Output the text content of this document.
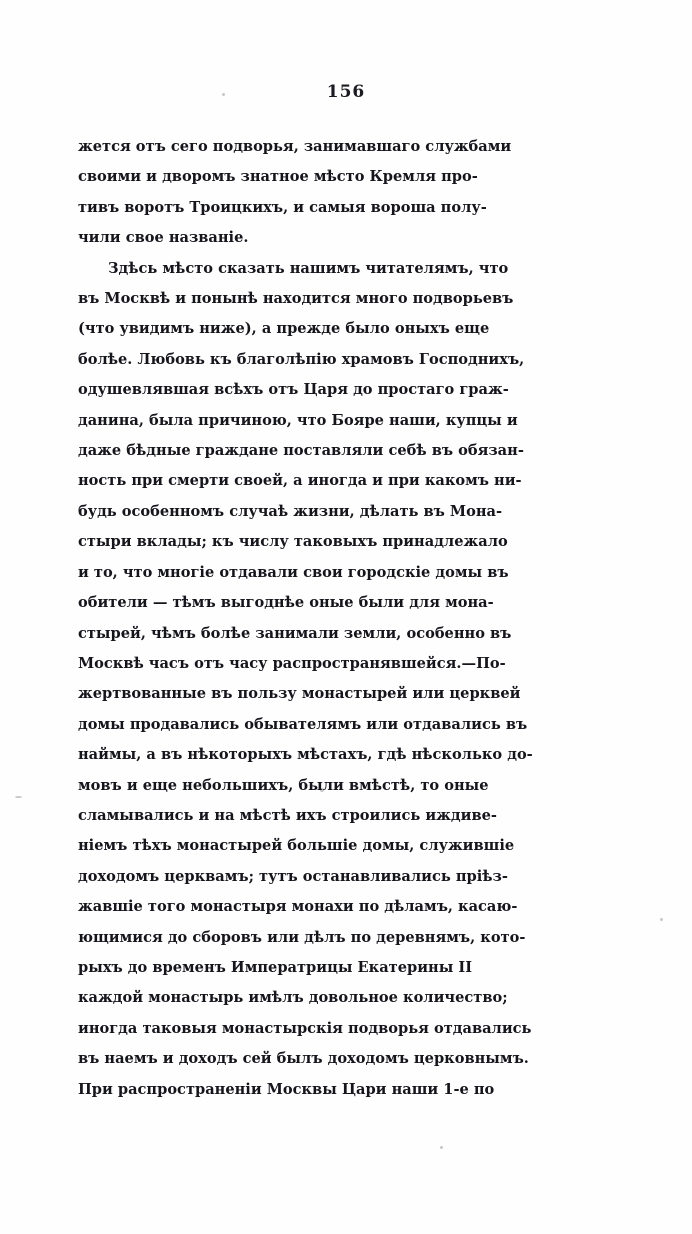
156

жется отъ сего подворья, занимавшаго службами
своими и дворомъ знатное мѣсто Кремля про-
тивъ воротъ Троицкихъ, и самыя вороша полу-
чили свое названіе.

Здѣсь мѣсто сказать нашимъ читателямъ, что
въ Москвѣ и понынѣ находится много подворьевъ
(что увидимъ ниже), а прежде было оныхъ еще
болѣе. Любовь къ благолѣпію храмовъ Господнихъ,
одушевлявшая всѣхъ отъ Царя до простаго граж-
данина, была причиною, что Бояре наши, купцы и
даже бѣдные граждане поставляли себѣ въ обязан-
ность при смерти своей, а иногда и при какомъ ни-
будь особенномъ случаѣ жизни, дѣлать въ Мона-
стыри вклады; къ числу таковыхъ принадлежало
и то, что многіе отдавали свои городскіе домы въ
обители — тѣмъ выгоднѣе оные были для мона-
стырей, чѣмъ болѣе занимали земли, особенно въ
Москвѣ часъ отъ часу распространявшейся.—По-
жертвованные въ пользу монастырей или церквей
домы продавались обывателямъ или отдавались въ
наймы, а въ нѣкоторыхъ мѣстахъ, гдѣ нѣсколько до-
мовъ и еще небольшихъ, были вмѣстѣ, то оные
сламывались и на мѣстѣ ихъ строились иждиве-
ніемъ тѣхъ монастырей большіе домы, служившіе
доходомъ церквамъ; тутъ останавливались пріѣз-
жавшіе того монастыря монахи по дѣламъ, касаю-
ющимися до сборовъ или дѣлъ по деревнямъ, кото-
рыхъ до временъ Императрицы Екатерины II
каждой монастырь имѣлъ довольное количество;
иногда таковыя монастырскія подворья отдавались
въ наемъ и доходъ сей былъ доходомъ церковнымъ.

При распространеніи Москвы Цари наши 1-е по
